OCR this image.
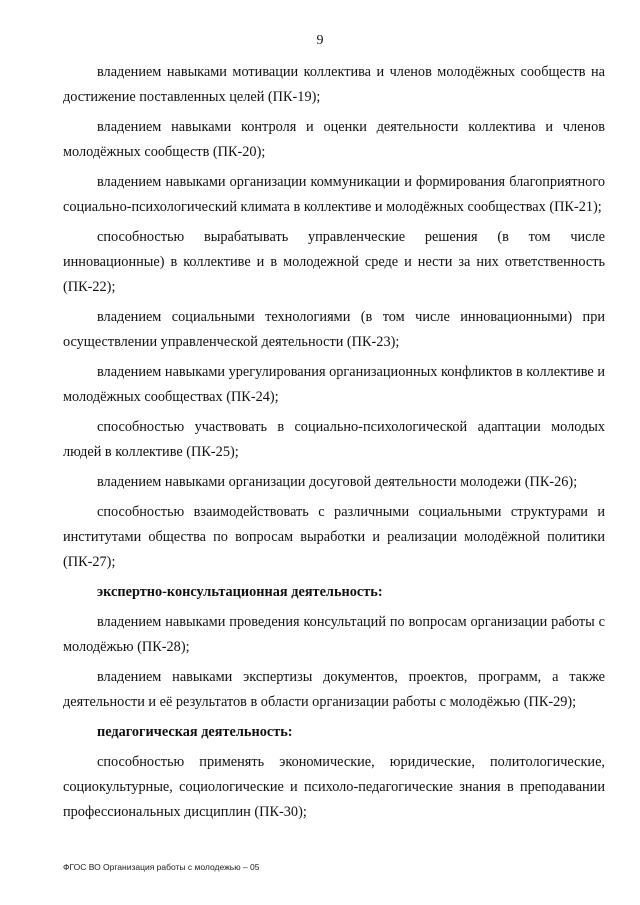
9

владением навыками мотивации коллектива и членов молодёжных сообществ на достижение поставленных целей (ПК-19);

владением навыками контроля и оценки деятельности коллектива и членов молодёжных сообществ (ПК-20);

владением навыками организации коммуникации и формирования благоприятного социально-психологический климата в коллективе и молодёжных сообществах (ПК-21);

способностью вырабатывать управленческие решения (в том числе инновационные) в коллективе и в молодежной среде и нести за них ответственность (ПК-22);

владением социальными технологиями (в том числе инновационными) при осуществлении управленческой деятельности (ПК-23);

владением навыками урегулирования организационных конфликтов в коллективе и молодёжных сообществах (ПК-24);

способностью участвовать в социально-психологической адаптации молодых людей в коллективе (ПК-25);

владением навыками организации досуговой деятельности молодежи (ПК-26);

способностью взаимодействовать с различными социальными структурами и институтами общества по вопросам выработки и реализации молодёжной политики (ПК-27);

экспертно-консультационная деятельность:

владением навыками проведения консультаций по вопросам организации работы с молодёжью (ПК-28);

владением навыками экспертизы документов, проектов, программ, а также деятельности и её результатов в области организации работы с молодёжью (ПК-29);

педагогическая деятельность:

способностью применять экономические, юридические, политологические, социокультурные, социологические и психоло-педагогические знания в преподавании профессиональных дисциплин (ПК-30);

ФГОС ВО Организация работы с молодежью – 05
